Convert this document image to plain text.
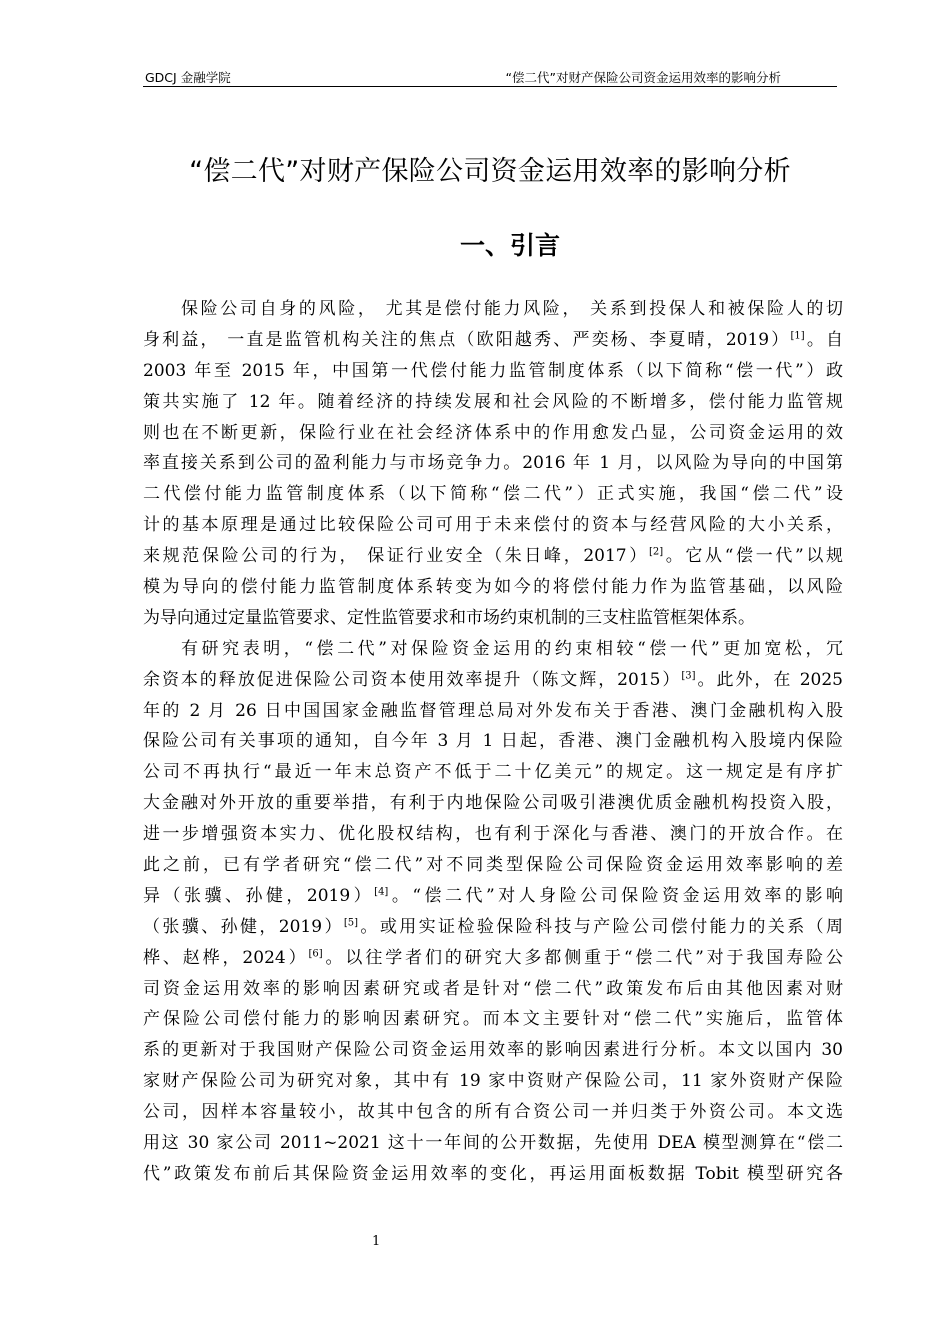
GDCJ 金融学院	“偿二代”对财产保险公司资金运用效率的影响分析
“偿二代”对财产保险公司资金运用效率的影响分析
一、引言
保险公司自身的风险， 尤其是偿付能力风险， 关系到投保人和被保险人的切
身利益， 一直是监管机构关注的焦点（欧阳越秀、严奕杨、李夏晴，2019）[1]。自
2003 年至 2015 年，中国第一代偿付能力监管制度体系（以下简称“偿一代”）政
策共实施了 12 年。随着经济的持续发展和社会风险的不断增多，偿付能力监管规
则也在不断更新，保险行业在社会经济体系中的作用愈发凸显，公司资金运用的效
率直接关系到公司的盈利能力与市场竞争力。2016 年 1 月，以风险为导向的中国第
二代偿付能力监管制度体系（以下简称“偿二代”）正式实施，我国“偿二代”设
计的基本原理是通过比较保险公司可用于未来偿付的资本与经营风险的大小关系，
来规范保险公司的行为， 保证行业安全（朱日峰，2017）[2]。它从“偿一代”以规
模为导向的偿付能力监管制度体系转变为如今的将偿付能力作为监管基础，以风险
为导向通过定量监管要求、定性监管要求和市场约束机制的三支柱监管框架体系。
有研究表明，“偿二代”对保险资金运用的约束相较“偿一代”更加宽松，冗
余资本的释放促进保险公司资本使用效率提升（陈文辉，2015）[3]。此外，在 2025
年的 2 月 26 日中国国家金融监督管理总局对外发布关于香港、澳门金融机构入股
保险公司有关事项的通知，自今年 3 月 1 日起，香港、澳门金融机构入股境内保险
公司不再执行“最近一年末总资产不低于二十亿美元”的规定。这一规定是有序扩
大金融对外开放的重要举措，有利于内地保险公司吸引港澳优质金融机构投资入股，
进一步增强资本实力、优化股权结构，也有利于深化与香港、澳门的开放合作。在
此之前，已有学者研究“偿二代”对不同类型保险公司保险资金运用效率影响的差
异（张骥、孙健，2019）[4]。“偿二代”对人身险公司保险资金运用效率的影响
（张骥、孙健，2019）[5]。或用实证检验保险科技与产险公司偿付能力的关系（周
桦、赵桦，2024）[6]。以往学者们的研究大多都侧重于“偿二代”对于我国寿险公
司资金运用效率的影响因素研究或者是针对“偿二代”政策发布后由其他因素对财
产保险公司偿付能力的影响因素研究。而本文主要针对“偿二代”实施后，监管体
系的更新对于我国财产保险公司资金运用效率的影响因素进行分析。本文以国内 30
家财产保险公司为研究对象，其中有 19 家中资财产保险公司，11 家外资财产保险
公司，因样本容量较小，故其中包含的所有合资公司一并归类于外资公司。本文选
用这 30 家公司 2011~2021 这十一年间的公开数据，先使用 DEA 模型测算在“偿二
代”政策发布前后其保险资金运用效率的变化，再运用面板数据 Tobit 模型研究各
1
